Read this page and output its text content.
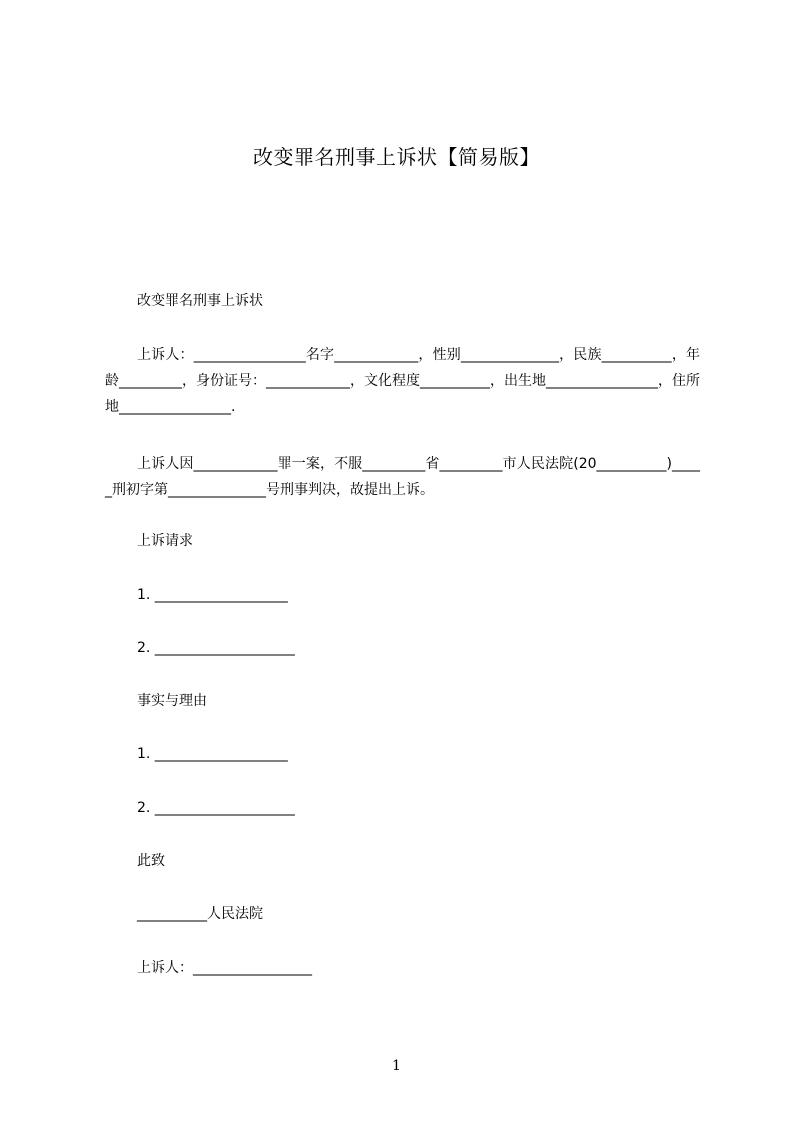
改变罪名刑事上诉状【简易版】
改变罪名刑事上诉状
上诉人：________________名字____________，性别______________，民族__________，年龄_________，身份证号：____________，文化程度__________，出生地________________，住所地________________.
上诉人因____________罪一案，不服_________省_________市人民法院(20__________)_____刑初字第______________号刑事判决，故提出上诉。
上诉请求
1. ___________________
2. ____________________
事实与理由
1. ___________________
2. ____________________
此致
__________人民法院
上诉人：_________________
1
